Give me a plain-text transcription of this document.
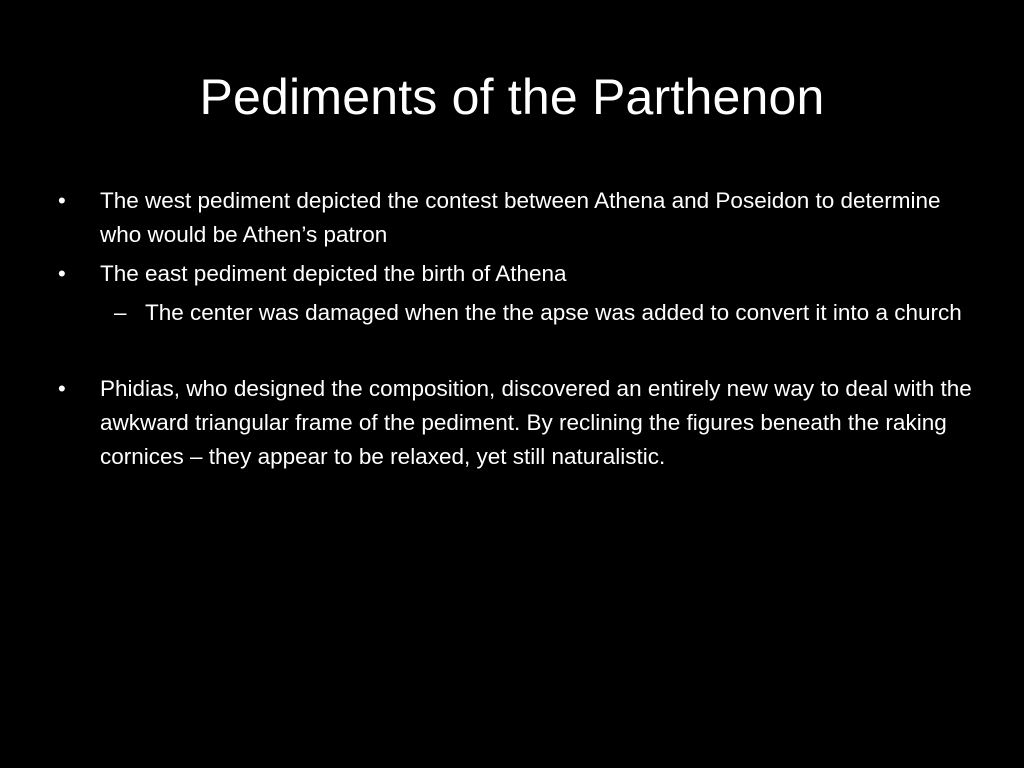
Pediments of the Parthenon
• The west pediment depicted the contest between Athena and Poseidon to determine who would be Athen’s patron
• The east pediment depicted the birth of Athena
– The center was damaged when the the apse was added to convert it into a church
• Phidias, who designed the composition, discovered an entirely new way to deal with the awkward triangular frame of the pediment. By reclining the figures beneath the raking cornices – they appear to be relaxed, yet still naturalistic.
